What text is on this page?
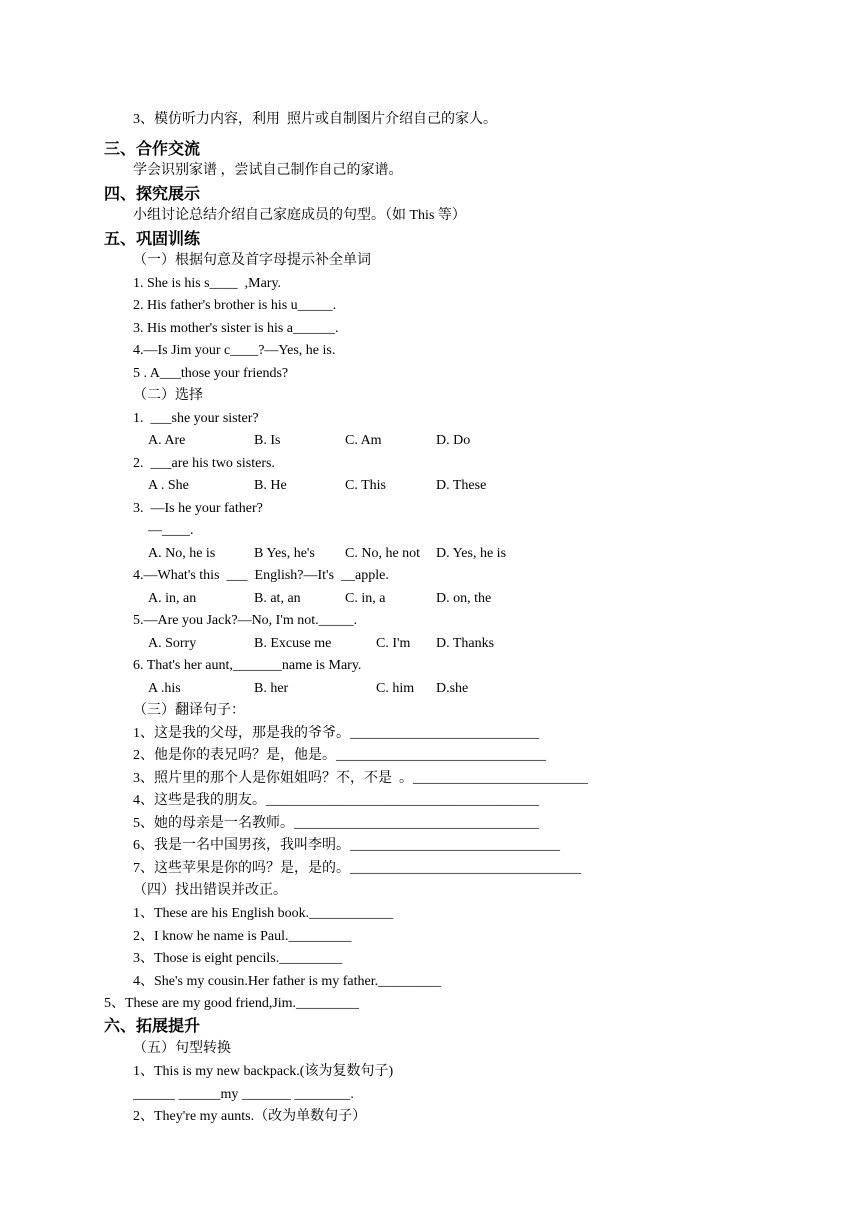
3、模仿听力内容，利用  照片或自制图片介绍自己的家人。
三、合作交流
学会识别家谱 ，尝试自己制作自己的家谱。
四、探究展示
小组讨论总结介绍自己家庭成员的句型。（如 This 等）
五、巩固训练
（一）根据句意及首字母提示补全单词
1. She is his s____  ,Mary.
2. His father's brother is his u_____.
3. His mother's sister is his a______.
4.—Is Jim your c____?—Yes, he is.
5 . A___those your friends?
（二）选择
1.  ___she your sister?
A. Are	B. Is	C. Am	D. Do
2.  ___are his two sisters.
A . She	B. He	C. This	D. These
3.  —Is he your father?
—____.
A. No, he is	B Yes, he's C. No, he not D. Yes, he is
4.—What's this  ___  English?—It's  __apple.
A. in, an	B. at, an	C. in, a	D. on, the
5.—Are you Jack?—No, I'm not._____.
A. Sorry	B. Excuse me	C. I'm D. Thanks
6. That's her aunt,_______name is Mary.
A .his	B. her	C. him D.she
（三）翻译句子：
1、这是我的父母，那是我的爷爷。___________________________
2、他是你的表兄吗？是，他是。______________________________
3、照片里的那个人是你姐姐吗？不，不是  。_________________________
4、这些是我的朋友。_______________________________________
5、她的母亲是一名教师。___________________________________
6、我是一名中国男孩，我叫李明。______________________________
7、这些苹果是你的吗？是，是的。_________________________________
（四）找出错误并改正。
1、These are his English book.____________
2、I know he name is Paul._________
3、Those is eight pencils._________
4、She's my cousin.Her father is my father._________
5、These are my good friend,Jim._________
六、拓展提升
（五）句型转换
1、This is my new backpack.(该为复数句子)
______ ______my _______ ________.
2、They're my aunts.（改为单数句子）
